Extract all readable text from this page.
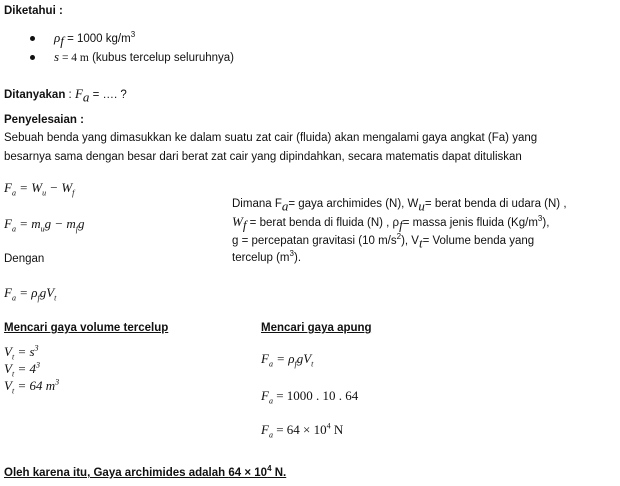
Diketahui :
$\rho_f = 1000$ $kg/m^3$
s = 4 m (kubus tercelup seluruhnya)
Ditanyakan : $F_a$ = …. ?
Penyelesaian :
Sebuah benda yang dimasukkan ke dalam suatu zat cair (fluida) akan mengalami gaya angkat (Fa) yang
besarnya sama dengan besar dari berat zat cair yang dipindahkan, secara matematis dapat dituliskan
$F_a = W_u - W_f$
$F_a = m_ug - m_fg$
Dengan
$F_a = \rho_fgV_t$
Dimana $F_a=$ gaya archimides (N), $W_u=$ berat benda di udara (N) ,
$W_f$ = berat benda di fluida (N) , $\rho_f=$ massa jenis fluida $(Kg/m^3)$,
g = percepatan gravitasi (10 $m/s^2$), $V_t=$ Volume benda yang
tercelup $(m^3)$.
Mencari gaya volume tercelup
$V_t = s^3$
$V_t = 4^3$
$V_t = 64$ $m^3$
Mencari gaya apung
$F_a = \rho_fgV_t$
$F_a = 1000$ . 10 . 64
$F_a = 64 \times 10^4$ N
Oleh karena itu, Gaya archimides adalah $64 \times 10^4$ N.
